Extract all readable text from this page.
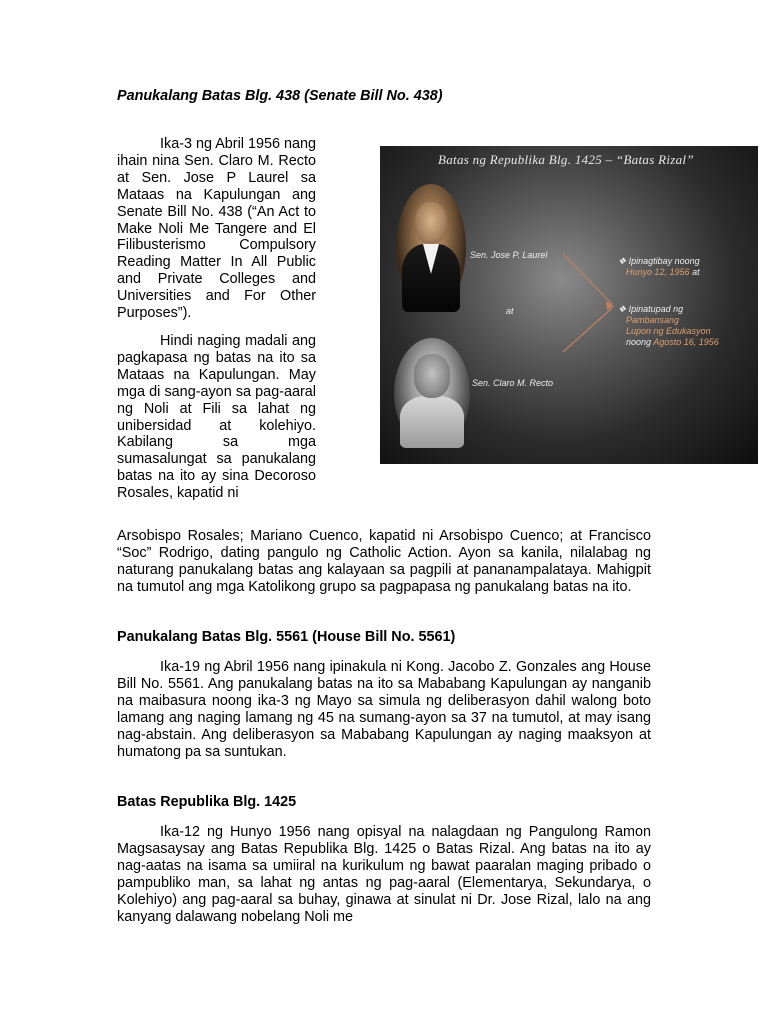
Panukalang Batas Blg. 438 (Senate Bill No. 438)

Ika-3 ng Abril 1956 nang ihain nina Sen. Claro M. Recto at Sen. Jose P Laurel sa Mataas na Kapulungan ang Senate Bill No. 438 (“An Act to Make Noli Me Tangere and El Filibusterismo Compulsory Reading Matter In All Public and Private Colleges and Universities and For Other Purposes”).

Hindi naging madali ang pagkapasa ng batas na ito sa Mataas na Kapulungan. May mga di sang-ayon sa pag-aaral ng Noli at Fili sa lahat ng unibersidad at kolehiyo. Kabilang sa mga sumasalungat sa panukalang batas na ito ay sina Decoroso Rosales, kapatid ni

Batas ng Republika Blg. 1425 – “Batas Rizal”
Sen. Jose P. Laurel
at
Sen. Claro M. Recto
❖ Ipinagtibay noong
Hunyo 12, 1956 at
❖ Ipinatupad ng
Pambansang
Lupon ng Edukasyon
noong Agosto 16, 1956

Arsobispo Rosales; Mariano Cuenco, kapatid ni Arsobispo Cuenco; at Francisco “Soc” Rodrigo, dating pangulo ng Catholic Action. Ayon sa kanila, nilalabag ng naturang panukalang batas ang kalayaan sa pagpili at pananampalataya. Mahigpit na tumutol ang mga Katolikong grupo sa pagpapasa ng panukalang batas na ito.

Panukalang Batas Blg. 5561 (House Bill No. 5561)

Ika-19 ng Abril 1956 nang ipinakula ni Kong. Jacobo Z. Gonzales ang House Bill No. 5561. Ang panukalang batas na ito sa Mababang Kapulungan ay nanganib na maibasura noong ika-3 ng Mayo sa simula ng deliberasyon dahil walong boto lamang ang naging lamang ng 45 na sumang-ayon sa 37 na tumutol, at may isang nag-abstain. Ang deliberasyon sa Mababang Kapulungan ay naging maaksyon at humatong pa sa suntukan.

Batas Republika Blg. 1425

Ika-12 ng Hunyo 1956 nang opisyal na nalagdaan ng Pangulong Ramon Magsasaysay ang Batas Republika Blg. 1425 o Batas Rizal. Ang batas na ito ay nag-aatas na isama sa umiiral na kurikulum ng bawat paaralan maging pribado o pampubliko man, sa lahat ng antas ng pag-aaral (Elementarya, Sekundarya, o Kolehiyo) ang pag-aaral sa buhay, ginawa at sinulat ni Dr. Jose Rizal, lalo na ang kanyang dalawang nobelang Noli me
